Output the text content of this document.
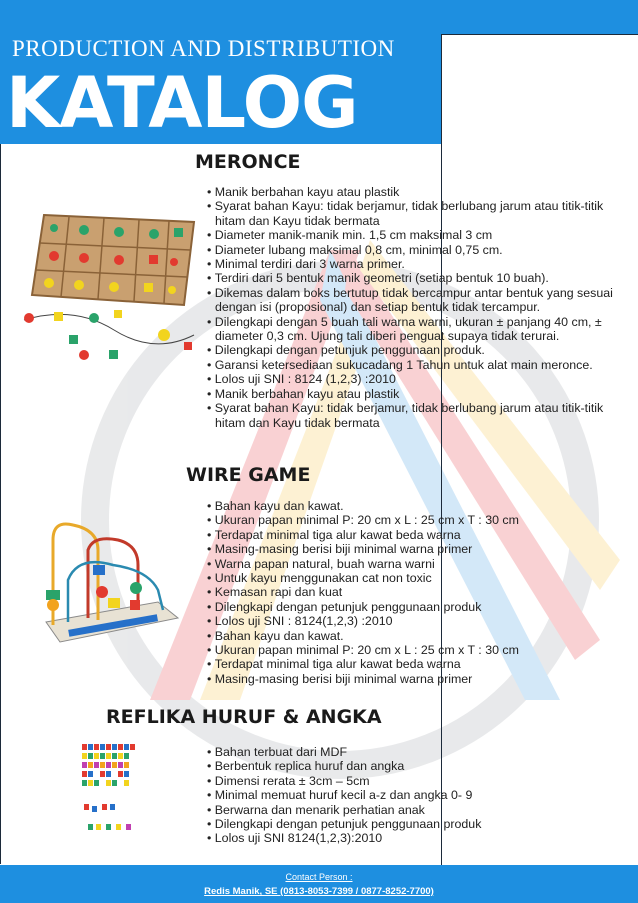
PRODUCTION AND DISTRIBUTION
KATALOG
MERONCE
• Manik berbahan kayu atau plastik
• Syarat bahan Kayu: tidak berjamur, tidak berlubang jarum atau titik-titik hitam dan Kayu tidak bermata
• Diameter manik-manik min. 1,5 cm maksimal 3 cm
• Diameter lubang maksimal 0,8 cm, minimal 0,75 cm.
• Minimal terdiri dari 3 warna primer.
• Terdiri dari 5 bentuk manik geometri (setiap bentuk 10 buah).
• Dikemas dalam boks bertutup tidak bercampur antar bentuk yang sesuai dengan isi (proposional) dan setiap bentuk tidak tercampur.
• Dilengkapi dengan 5 buah tali warna warni, ukuran ± panjang 40 cm, ± diameter 0,3 cm. Ujung tali diberi penguat supaya tidak terurai.
• Dilengkapi dengan petunjuk penggunaan produk.
• Garansi ketersediaan sukucadang 1 Tahun untuk alat main meronce.
• Lolos uji SNI : 8124 (1,2,3) :2010
• Manik berbahan kayu atau plastik
• Syarat bahan Kayu: tidak berjamur, tidak berlubang jarum atau titik-titik hitam dan Kayu tidak bermata
WIRE GAME
• Bahan kayu dan kawat.
• Ukuran papan minimal P: 20 cm x L : 25 cm x T : 30 cm
• Terdapat minimal tiga alur kawat beda warna
• Masing-masing berisi biji minimal warna primer
• Warna papan natural, buah warna warni
• Untuk kayu menggunakan cat non toxic
• Kemasan rapi dan kuat
• Dilengkapi dengan petunjuk penggunaan produk
• Lolos uji SNI : 8124(1,2,3) :2010
• Bahan kayu dan kawat.
• Ukuran papan minimal P: 20 cm x L : 25 cm x T : 30 cm
• Terdapat minimal tiga alur kawat beda warna
• Masing-masing berisi biji minimal warna primer
REFLIKA HURUF & ANGKA
• Bahan terbuat dari MDF
• Berbentuk replica huruf dan angka
• Dimensi rerata ± 3cm – 5cm
• Minimal memuat huruf kecil a-z dan angka 0- 9
• Berwarna dan menarik perhatian anak
• Dilengkapi dengan petunjuk penggunaan produk
• Lolos uji SNI 8124(1,2,3):2010
Contact Person :
Redis Manik, SE (0813-8053-7399 / 0877-8252-7700)
